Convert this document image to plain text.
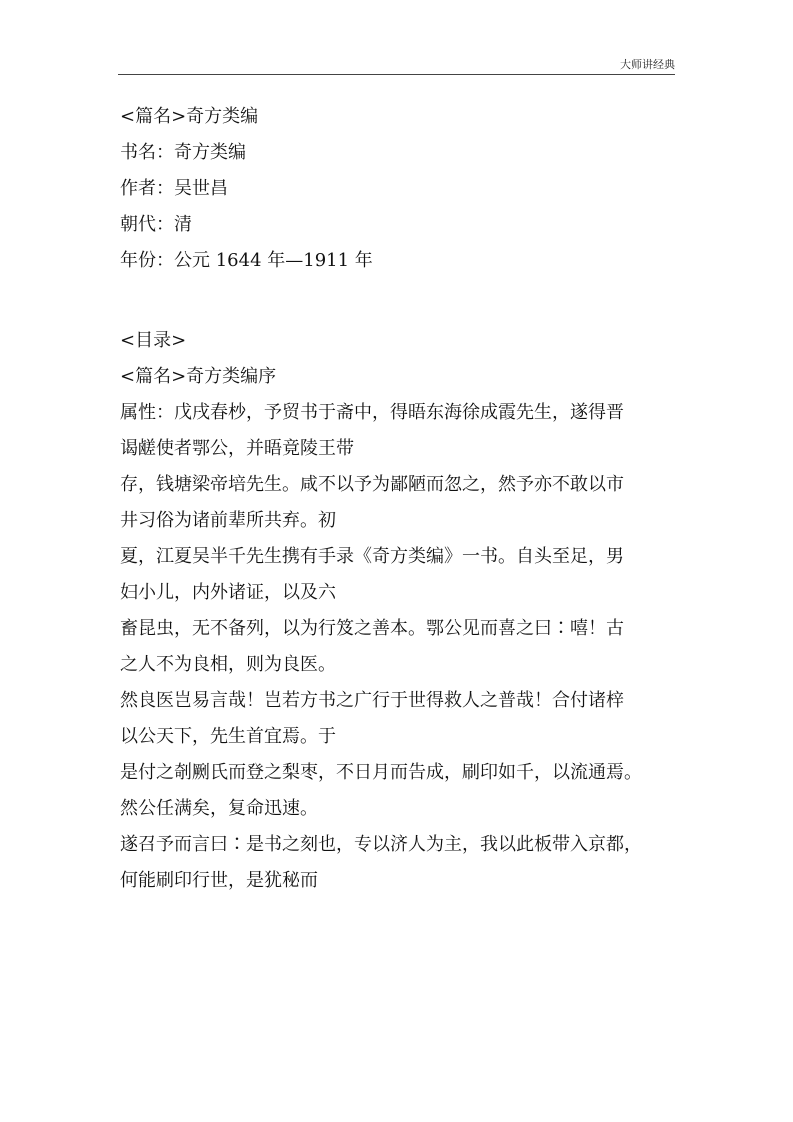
大师讲经典
<篇名>奇方类编
书名：奇方类编
作者：吴世昌
朝代：清
年份：公元 1644 年—1911 年
<目录>
<篇名>奇方类编序
属性：戊戌春杪，予贸书于斋中，得晤东海徐成霞先生，遂得晋
谒鹾使者鄂公，并晤竟陵王带
存，钱塘梁帝培先生。咸不以予为鄙陋而忽之，然予亦不敢以市
井习俗为诸前辈所共弃。初
夏，江夏吴半千先生携有手录《奇方类编》一书。自头至足，男
妇小儿，内外诸证，以及六
畜昆虫，无不备列，以为行笈之善本。鄂公见而喜之曰∶嘻！古
之人不为良相，则为良医。
然良医岂易言哉！岂若方书之广行于世得救人之普哉！合付诸梓
以公天下，先生首宜焉。于
是付之剞劂氏而登之梨枣，不日月而告成，刷印如千，以流通焉。
然公任满矣，复命迅速。
遂召予而言曰∶是书之刻也，专以济人为主，我以此板带入京都，
何能刷印行世，是犹秘而
